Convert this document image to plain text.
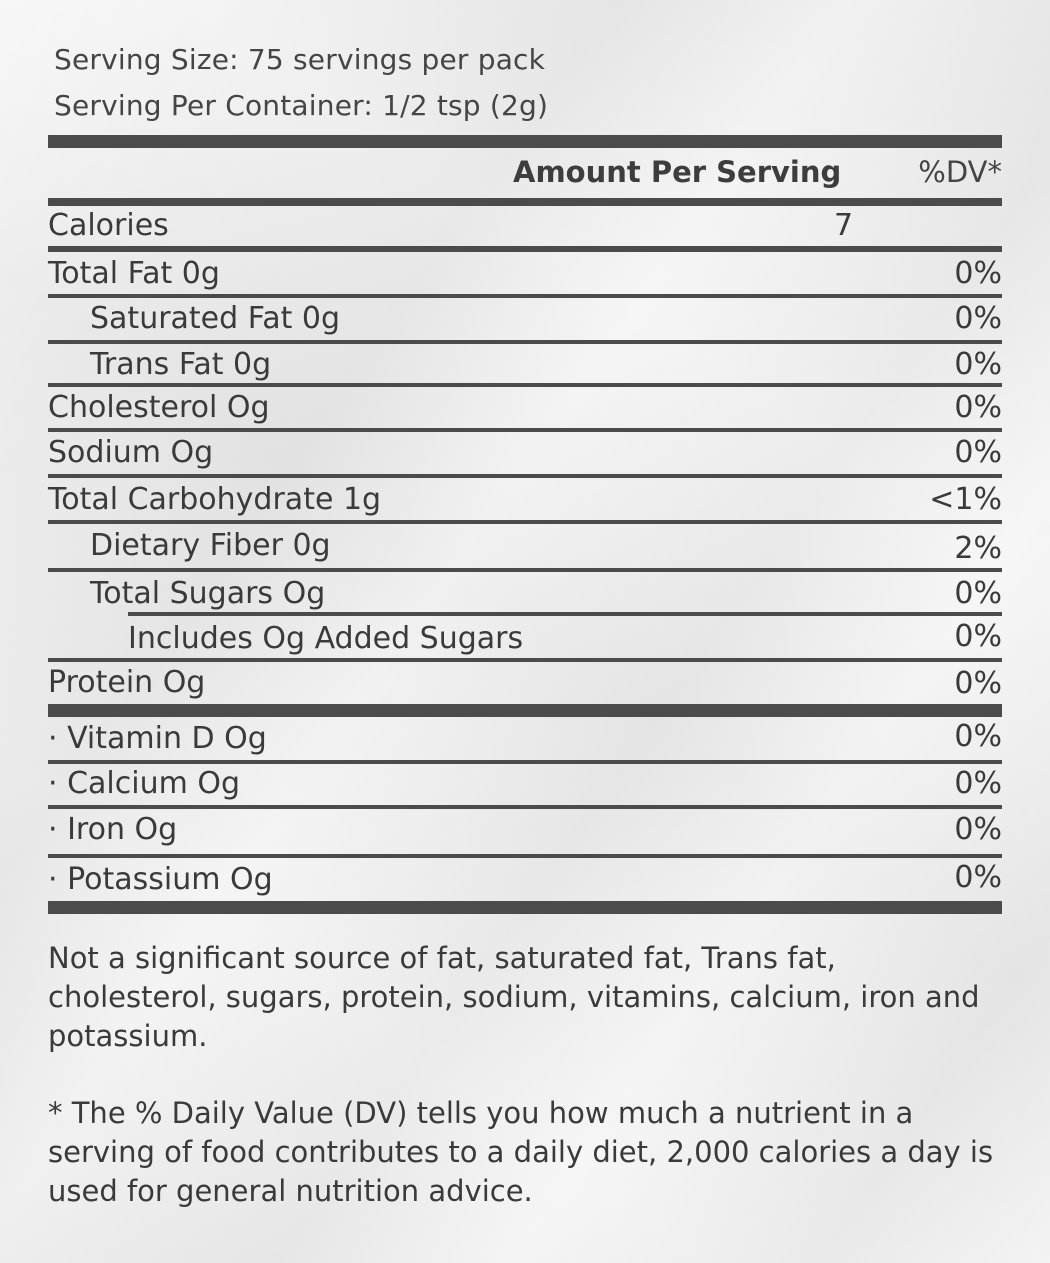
Serving Size: 75 servings per pack
Serving Per Container: 1/2 tsp (2g)
Amount Per Serving	%DV*
Calories	7
Total Fat 0g	0%
Saturated Fat 0g	0%
Trans Fat 0g	0%
Cholesterol Og	0%
Sodium Og	0%
Total Carbohydrate 1g	<1%
Dietary Fiber 0g	2%
Total Sugars Og	0%
Includes Og Added Sugars	0%
Protein Og	0%
· Vitamin D Og	0%
· Calcium Og	0%
· Iron Og	0%
· Potassium Og	0%
Not a significant source of fat, saturated fat, Trans fat, cholesterol, sugars, protein, sodium, vitamins, calcium, iron and potassium.
* The % Daily Value (DV) tells you how much a nutrient in a serving of food contributes to a daily diet, 2,000 calories a day is used for general nutrition advice.
